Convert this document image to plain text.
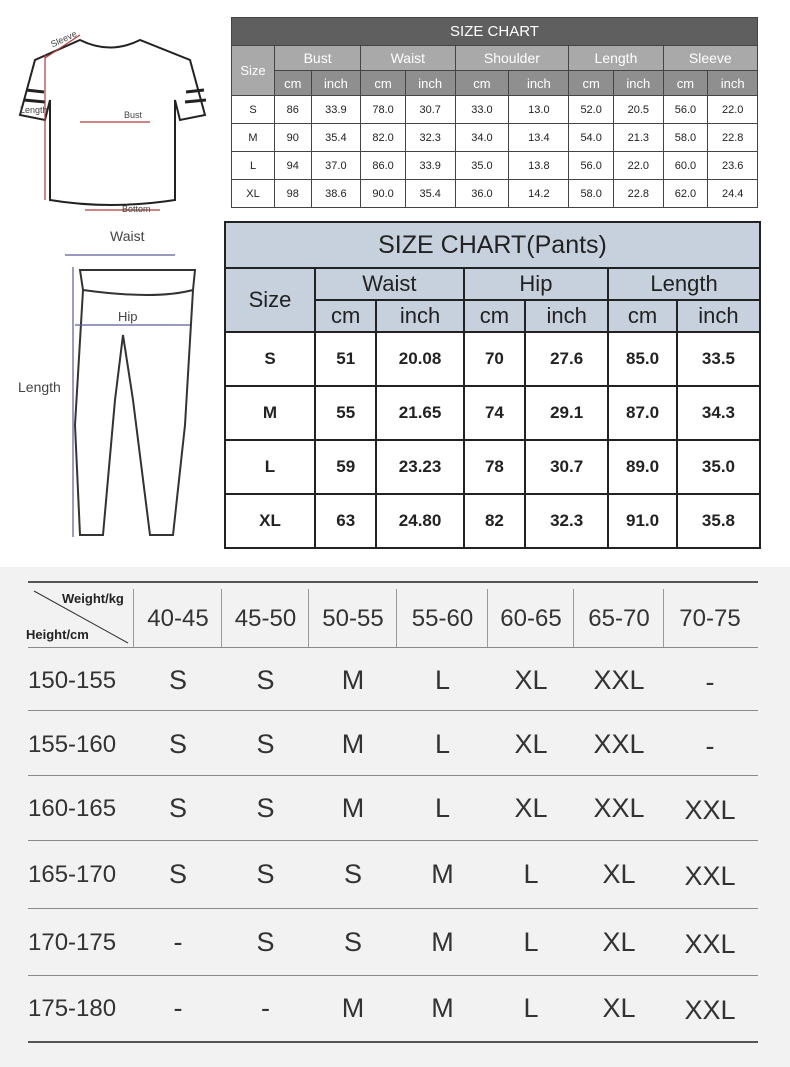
Sleeve
Length	Bust
Bottom
SIZE CHART										
Size	Bust		Waist		Shoulder		Length		Sleeve	
	cm	inch	cm	inch	cm	inch	cm	inch	cm	inch
S	86	33.9	78.0	30.7	33.0	13.0	52.0	20.5	56.0	22.0
M	90	35.4	82.0	32.3	34.0	13.4	54.0	21.3	58.0	22.8
L	94	37.0	86.0	33.9	35.0	13.8	56.0	22.0	60.0	23.6
XL	98	38.6	90.0	35.4	36.0	14.2	58.0	22.8	62.0	24.4
Waist
Hip
Length
SIZE CHART(Pants)						
Size	Waist		Hip		Length	
	cm	inch	cm	inch	cm	inch
S	51	20.08	70	27.6	85.0	33.5
M	55	21.65	74	29.1	87.0	34.3
L	59	23.23	78	30.7	89.0	35.0
XL	63	24.80	82	32.3	91.0	35.8
Weight/kg
Height/cm
40-45	45-50	50-55	55-60	60-65	65-70	70-75
150-155	S	S	M	L	XL	XXL	-
155-160	S	S	M	L	XL	XXL	-
160-165	S	S	M	L	XL	XXL	XXL
165-170	S	S	S	M	L	XL	XXL
170-175	-	S	S	M	L	XL	XXL
175-180	-	-	M	M	L	XL	XXL
